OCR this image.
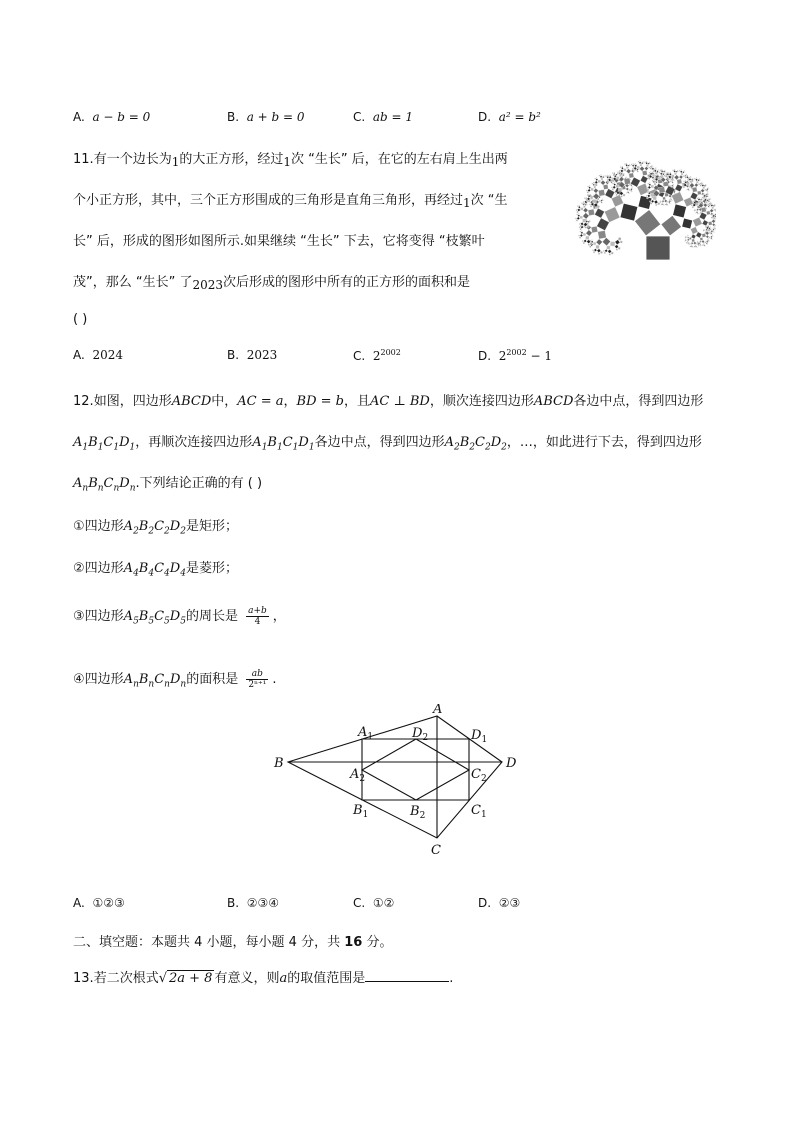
A. a − b = 0	B. a + b = 0	C. ab = 1	D. a² = b²
11.有一个边长为1的大正方形，经过1次 “生长” 后，在它的左右肩上生出两
个小正方形，其中，三个正方形围成的三角形是直角三角形，再经过1次 “生
长” 后，形成的图形如图所示.如果继续 “生长” 下去，它将变得 “枝繁叶
茂”，那么 “生长” 了2023次后形成的图形中所有的正方形的面积和是
( )
A. 2024	B. 2023	C. $2^{2002}$	D. $2^{2002} - 1$
12.如图，四边形ABCD中，AC = a，BD = b，且AC ⊥ BD，顺次连接四边形ABCD各边中点，得到四边形
$A_1B_1C_1D_1$，再顺次连接四边形$A_1B_1C_1D_1$各边中点，得到四边形$A_2B_2C_2D_2$，…，如此进行下去，得到四边形
$A_nB_nC_nD_n$.下列结论正确的有 ( )
①四边形$A_2B_2C_2D_2$是矩形；
②四边形$A_4B_4C_4D_4$是菱形；
③四边形$A_5B_5C_5D_5$的周长是 $\frac{a+b}{4}$ ，
④四边形$A_nB_nC_nD_n$的面积是 $\frac{ab}{\text{2ⁿ⁺¹}}$ .
A
B
C
D
$A_1$
$B_1$	$C_1$
$D_1$
$A_2$
$B_2$
$C_2$
$D_2$
A. ①②③	B. ②③④	C. ①②	D. ②③
二、填空题：本题共 4 小题，每小题 4 分，共 16 分。
13.若二次根式√ 2a + 8 有意义，则a的取值范围是	.
